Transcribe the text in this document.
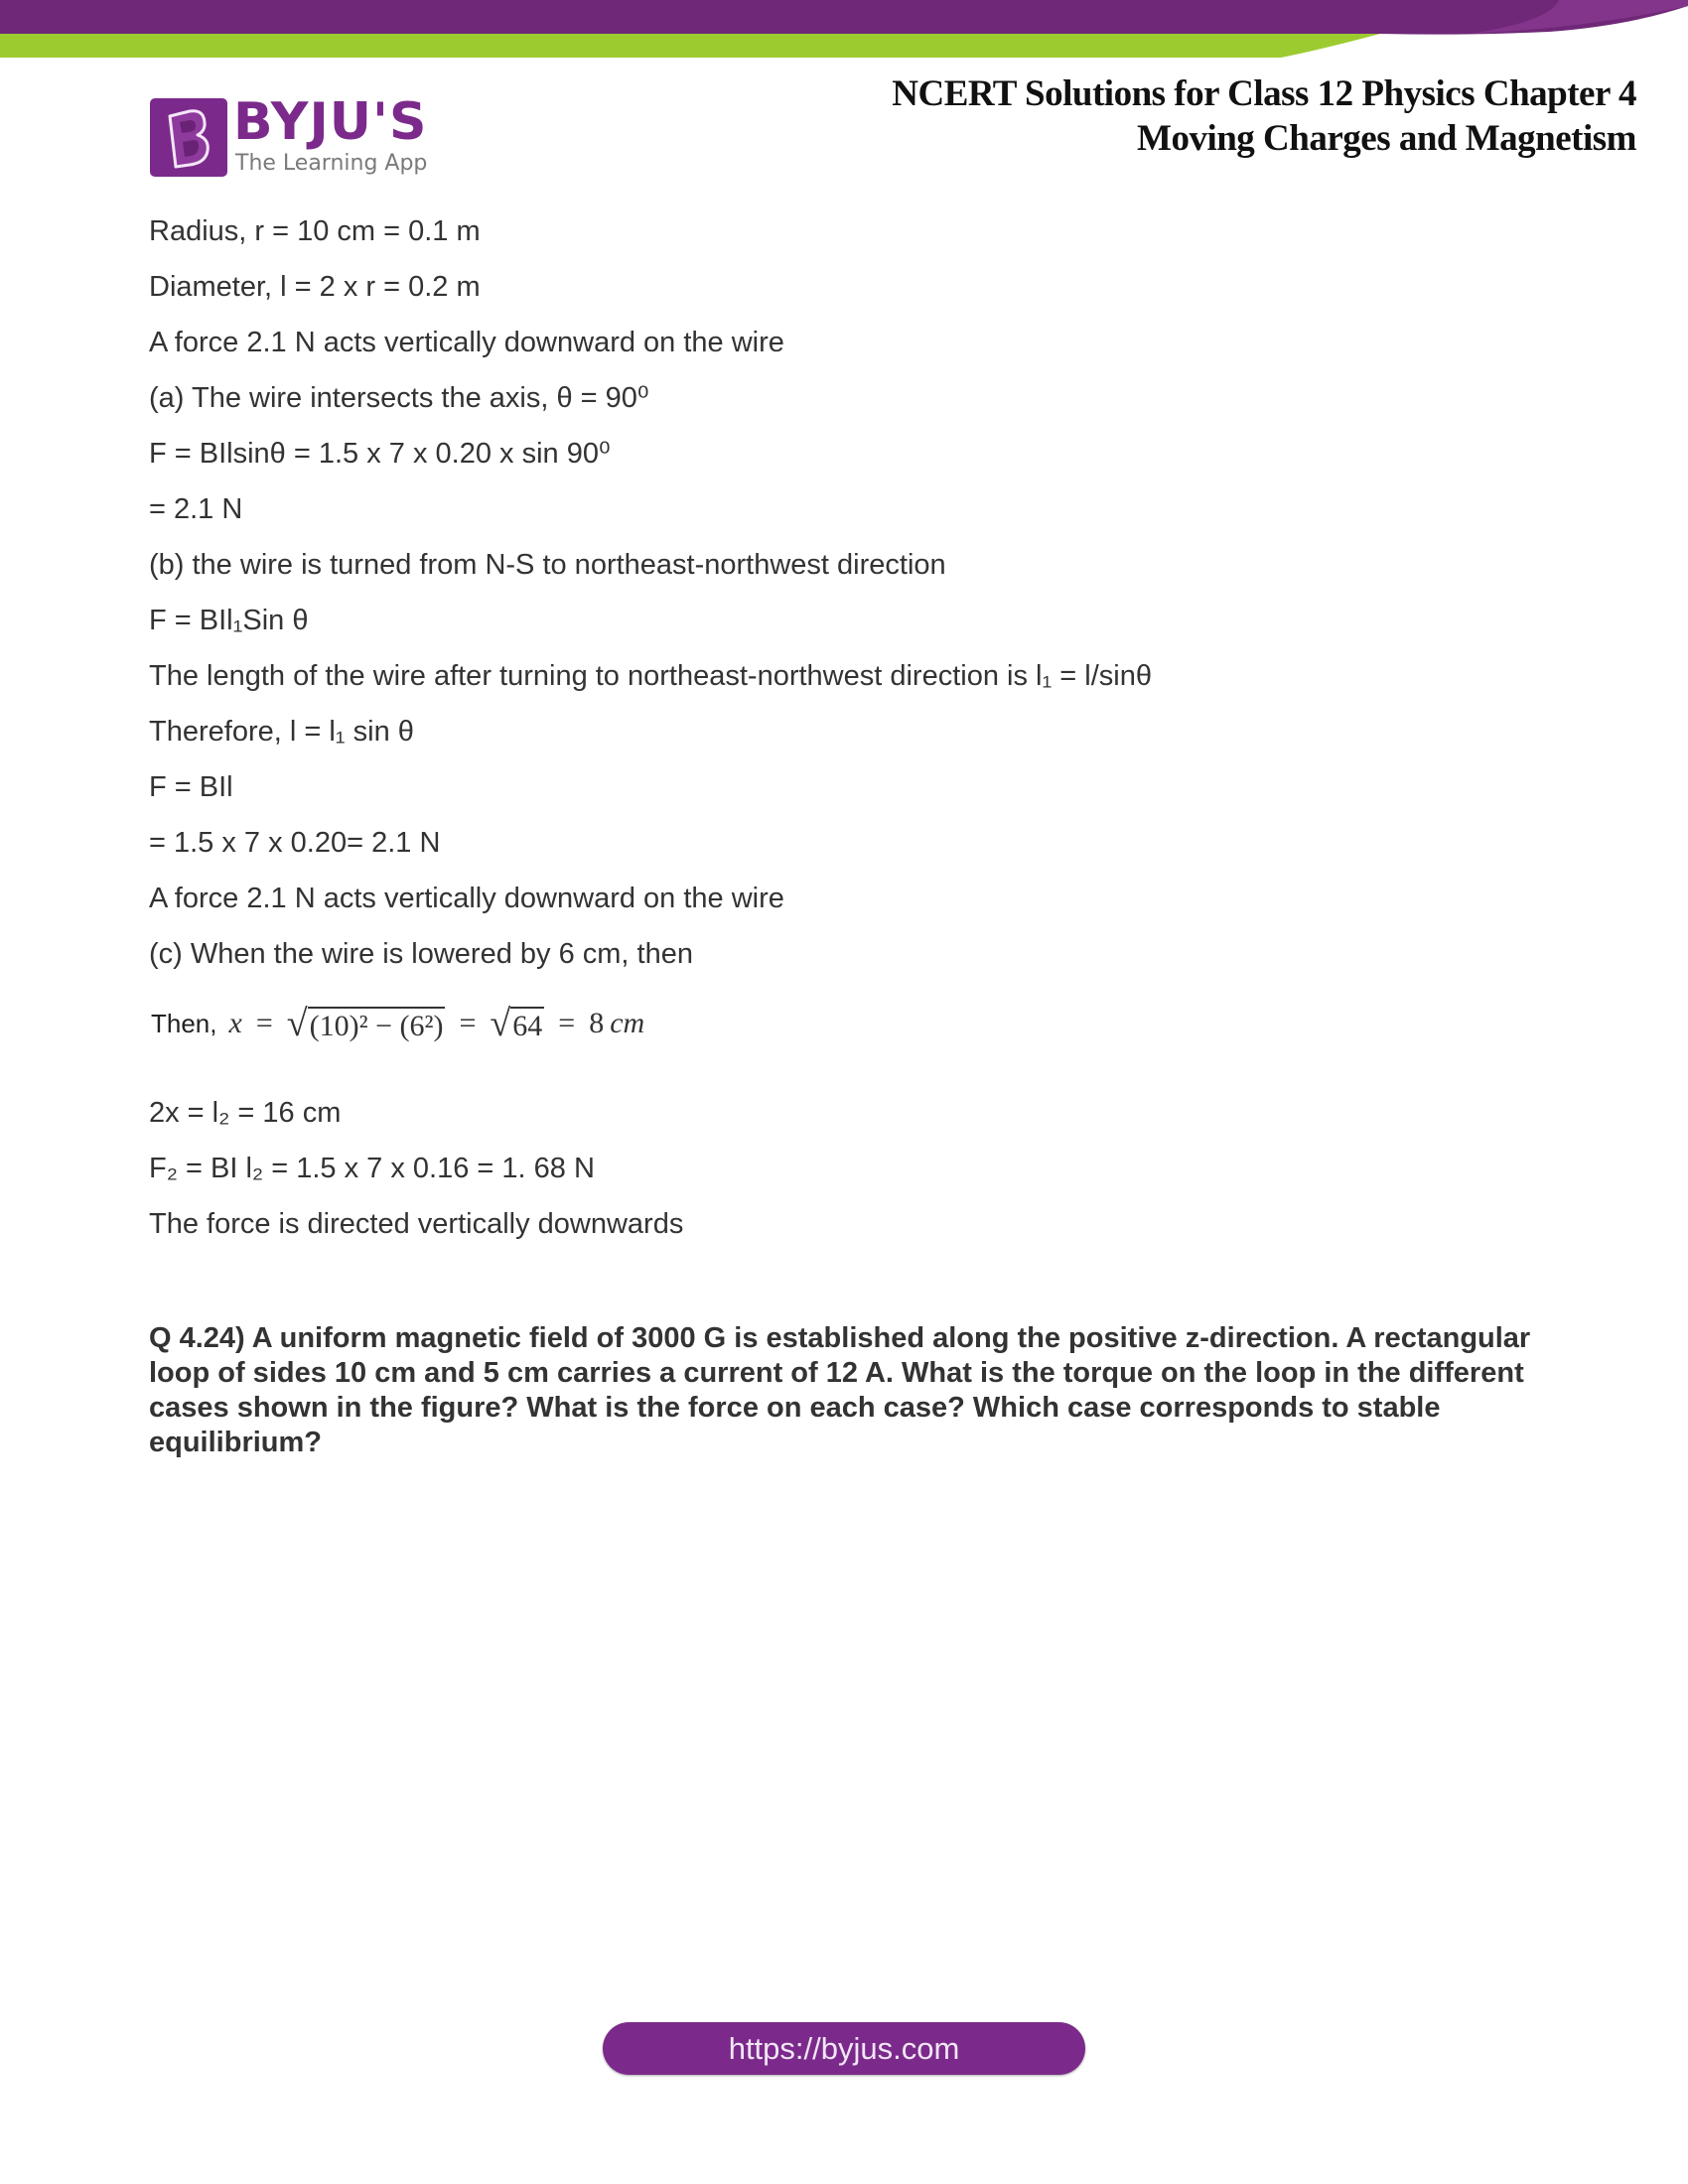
BYJU'S
The Learning App
NCERT Solutions for Class 12 Physics Chapter 4
Moving Charges and Magnetism
Radius, r = 10 cm = 0.1 m
Diameter, l = 2 x r = 0.2 m
A force 2.1 N acts vertically downward on the wire
(a) The wire intersects the axis, θ = 90⁰
F = BIlsinθ = 1.5 x 7 x 0.20 x sin 90⁰
= 2.1 N
(b) the wire is turned from N-S to northeast-northwest direction
F = BIl₁Sin θ
The length of the wire after turning to northeast-northwest direction is l₁ = l/sinθ
Therefore, l = l₁ sin θ
F = BIl
= 1.5 x 7 x 0.20= 2.1 N
A force 2.1 N acts vertically downward on the wire
(c) When the wire is lowered by 6 cm, then
Then, x = √ (10)² − (6²) = √ 64 = 8 cm
2x = l₂ = 16 cm
F₂ = BI l₂ = 1.5 x 7 x 0.16 = 1. 68 N
The force is directed vertically downwards
Q 4.24) A uniform magnetic field of 3000 G is established along the positive z-direction. A rectangular loop of sides 10 cm and 5 cm carries a current of 12 A. What is the torque on the loop in the different cases shown in the figure? What is the force on each case? Which case corresponds to stable equilibrium?
https://byjus.com
